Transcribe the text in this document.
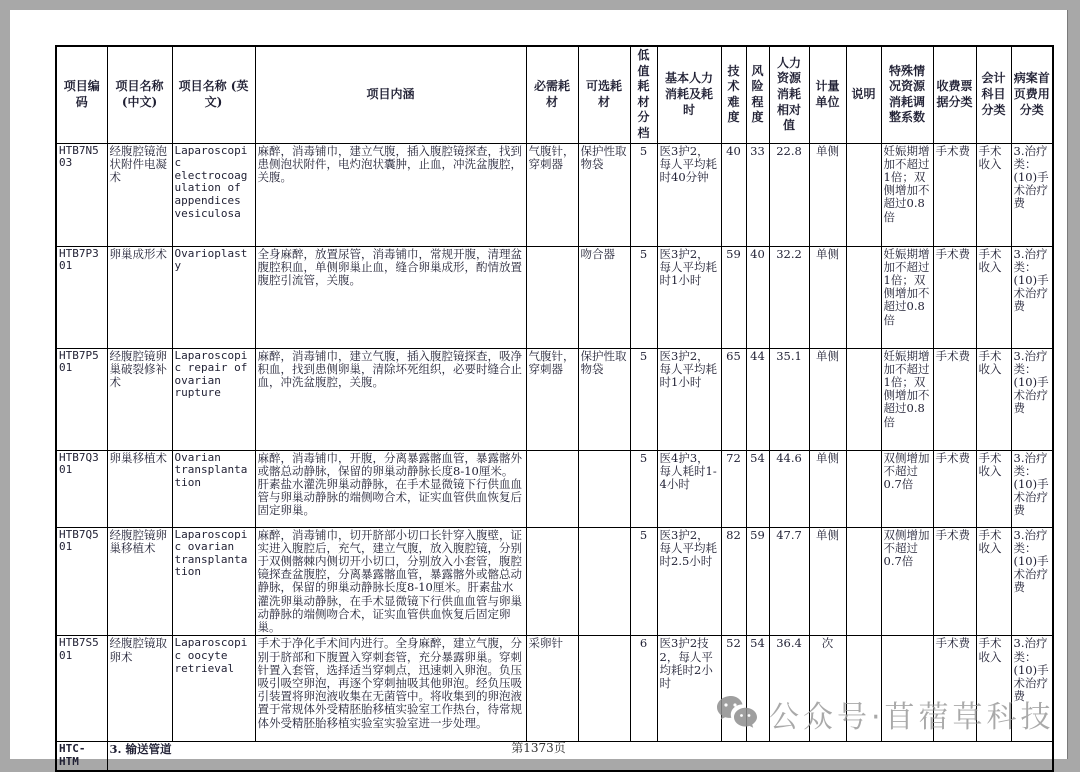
项目编码	项目名称 (中文)	项目名称 (英文)	项目内涵	必需耗材	可选耗材	低值耗材分档	基本人力消耗及耗时	技术难度	风险程度	人力资源消耗相对值	计量单位	说明	特殊情况资源消耗调整系数	收费票据分类	会计科目分类	病案首页费用分类
HTB7N503	经腹腔镜泡状附件电凝术	Laparoscopic electrocoagulation of appendices vesiculosa	麻醉，消毒铺巾，建立气腹，插入腹腔镜探查，找到患侧泡状附件，电灼泡状囊肿，止血，冲洗盆腹腔，关腹。	气腹针，穿刺器	保护性取物袋	5	医3护2，每人平均耗时40分钟	40	33	22.8	单侧		妊娠期增加不超过1倍；双侧增加不超过0.8倍	手术费	手术收入	3.治疗类：(10)手术治疗费
HTB7P301	卵巢成形术	Ovarioplasty	全身麻醉，放置尿管，消毒铺巾，常规开腹，清理盆腹腔积血，单侧卵巢止血，缝合卵巢成形，酌情放置腹腔引流管，关腹。		吻合器	5	医3护2，每人平均耗时1小时	59	40	32.2	单侧		妊娠期增加不超过1倍；双侧增加不超过0.8倍	手术费	手术收入	3.治疗类：(10)手术治疗费
HTB7P501	经腹腔镜卵巢破裂修补术	Laparoscopic repair of ovarian rupture	麻醉，消毒铺巾，建立气腹，插入腹腔镜探查，吸净积血，找到患侧卵巢，清除坏死组织，必要时缝合止血，冲洗盆腹腔，关腹。	气腹针，穿刺器	保护性取物袋	5	医3护2，每人平均耗时1小时	65	44	35.1	单侧		妊娠期增加不超过1倍；双侧增加不超过0.8倍	手术费	手术收入	3.治疗类：(10)手术治疗费
HTB7Q301	卵巢移植术	Ovarian transplantation	麻醉，消毒铺巾，开腹，分离暴露髂血管，暴露髂外或髂总动静脉，保留的卵巢动静脉长度8-10厘米。肝素盐水灌洗卵巢动静脉，在手术显微镜下行供血血管与卵巢动静脉的端侧吻合术，证实血管供血恢复后固定卵巢。			5	医4护3，每人耗时1-4小时	72	54	44.6	单侧		双侧增加不超过0.7倍	手术费	手术收入	3.治疗类：(10)手术治疗费
HTB7Q501	经腹腔镜卵巢移植术	Laparoscopic ovarian transplantation	麻醉，消毒铺巾，切开脐部小切口长针穿入腹壁，证实进入腹腔后，充气，建立气腹，放入腹腔镜，分别于双侧髂棘内侧切开小切口，分别放入小套管，腹腔镜探查盆腹腔，分离暴露髂血管，暴露髂外或髂总动静脉，保留的卵巢动静脉长度8-10厘米。肝素盐水灌洗卵巢动静脉，在手术显微镜下行供血血管与卵巢动静脉的端侧吻合术，证实血管供血恢复后固定卵巢。			5	医3护2，每人平均耗时2.5小时	82	59	47.7	单侧		双侧增加不超过0.7倍	手术费	手术收入	3.治疗类：(10)手术治疗费
HTB7S501	经腹腔镜取卵术	Laparoscopic oocyte retrieval	手术于净化手术间内进行。全身麻醉，建立气腹，分别于脐部和下腹置入穿刺套管，充分暴露卵巢。穿刺针置入套管，选择适当穿刺点，迅速刺入卵泡。负压吸引吸空卵泡，再逐个穿刺抽吸其他卵泡。经负压吸引装置将卵泡液收集在无菌管中。将收集到的卵泡液置于常规体外受精胚胎移植实验室工作热台，待常规体外受精胚胎移植实验室实验室进一步处理。	采卵针		6	医3护2技2，每人平均耗时2小时	52	54	36.4	次			手术费	手术收入	3.治疗类：(10)手术治疗费
HTC-HTM	3. 输送管道															
公众号·苜蓿草科技
第1373页
